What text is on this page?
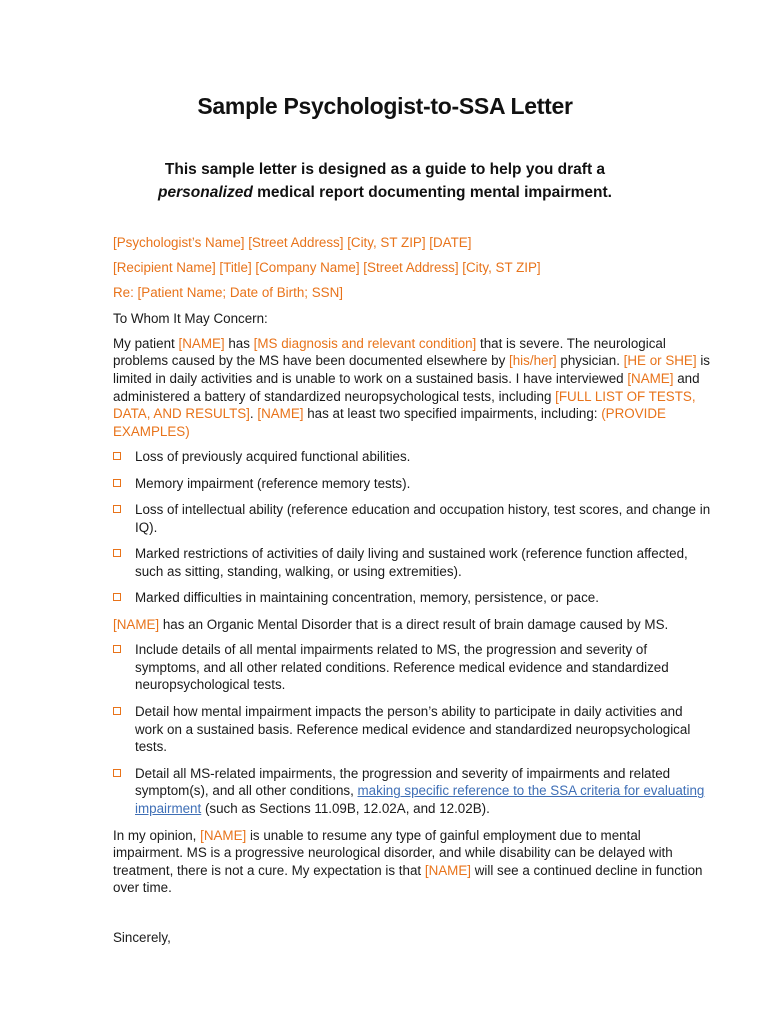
Sample Psychologist-to-SSA Letter
This sample letter is designed as a guide to help you draft a
personalized medical report documenting mental impairment.
[Psychologist’s Name] [Street Address] [City, ST ZIP] [DATE]
[Recipient Name] [Title] [Company Name] [Street Address] [City, ST ZIP]
Re: [Patient Name; Date of Birth; SSN]
To Whom It May Concern:
My patient [NAME] has [MS diagnosis and relevant condition] that is severe. The neurological problems caused by the MS have been documented elsewhere by [his/her] physician. [HE or SHE] is limited in daily activities and is unable to work on a sustained basis. I have interviewed [NAME] and administered a battery of standardized neuropsychological tests, including [FULL LIST OF TESTS, DATA, AND RESULTS]. [NAME] has at least two specified impairments, including: (PROVIDE EXAMPLES)
Loss of previously acquired functional abilities.
Memory impairment (reference memory tests).
Loss of intellectual ability (reference education and occupation history, test scores, and change in IQ).
Marked restrictions of activities of daily living and sustained work (reference function affected, such as sitting, standing, walking, or using extremities).
Marked difficulties in maintaining concentration, memory, persistence, or pace.
[NAME] has an Organic Mental Disorder that is a direct result of brain damage caused by MS.
Include details of all mental impairments related to MS, the progression and severity of symptoms, and all other related conditions. Reference medical evidence and standardized neuropsychological tests.
Detail how mental impairment impacts the person’s ability to participate in daily activities and work on a sustained basis. Reference medical evidence and standardized neuropsychological tests.
Detail all MS-related impairments, the progression and severity of impairments and related symptom(s), and all other conditions, making specific reference to the SSA criteria for evaluating impairment (such as Sections 11.09B, 12.02A, and 12.02B).
In my opinion, [NAME] is unable to resume any type of gainful employment due to mental impairment. MS is a progressive neurological disorder, and while disability can be delayed with treatment, there is not a cure. My expectation is that [NAME] will see a continued decline in function over time.
Sincerely,
